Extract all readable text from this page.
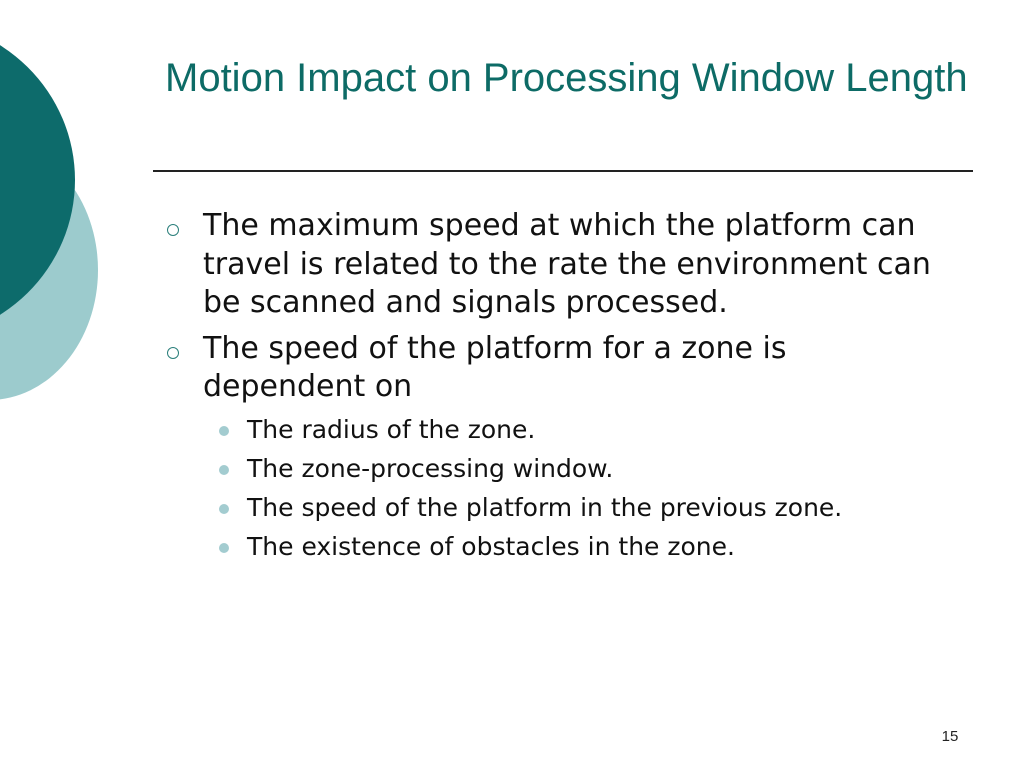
Motion Impact on Processing Window Length
The maximum speed at which the platform can travel is related to the rate the environment can be scanned and signals processed.
The speed of the platform for a zone is dependent on
The radius of the zone.
The zone-processing window.
The speed of the platform in the previous zone.
The existence of obstacles in the zone.
15
